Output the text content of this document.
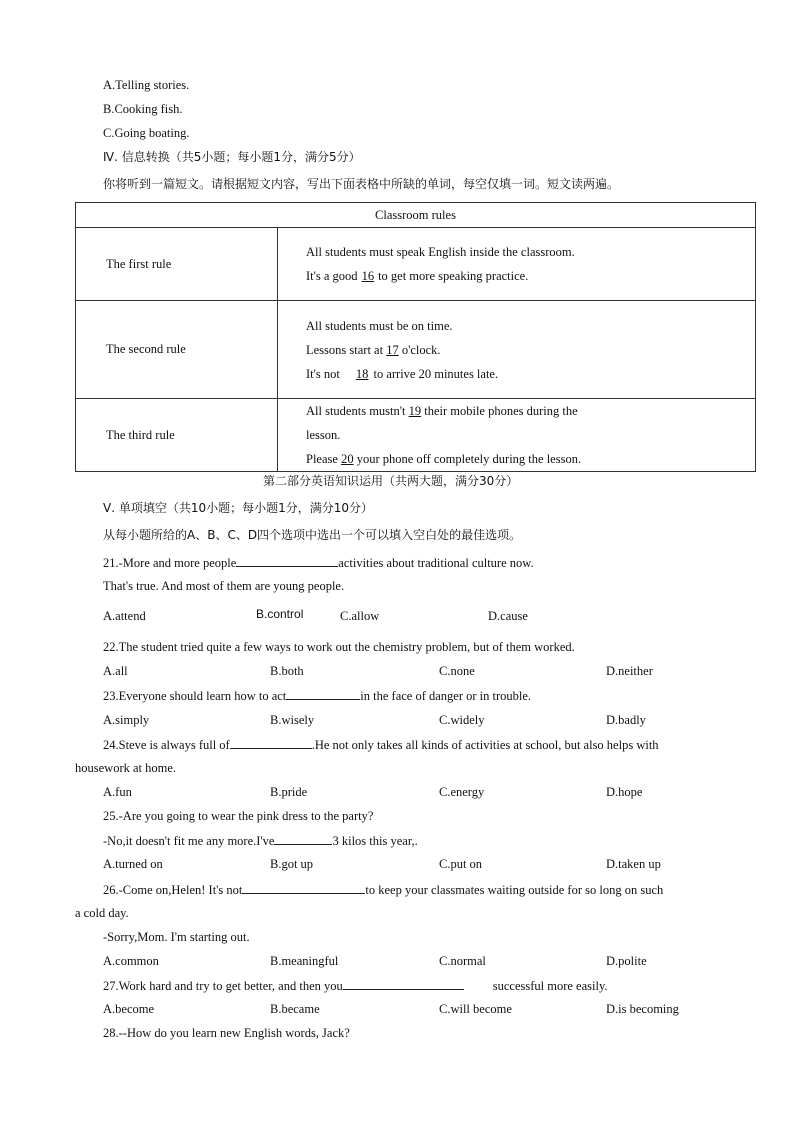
A.Telling stories.
B.Cooking fish.
C.Going boating.
Ⅳ. 信息转换（共5小题；每小题1分，满分5分）
你将听到一篇短文。请根据短文内容，写出下面表格中所缺的单词，每空仅填一词。短文读两遍。
Classroom rules	
The first rule	All students must speak English inside the classroom.
It's a good 16 to get more speaking practice.

The second rule	All students must be on time.
Lessons start at 17 o'clock.
It's not 18 to arrive 20 minutes late.

The third rule	All students mustn't 19 their mobile phones during the
lesson.
Please 20 your phone off completely during the lesson.
第二部分英语知识运用（共两大题，满分30分）
Ⅴ. 单项填空（共10小题；每小题1分，满分10分）
从每小题所给的A、B、C、D四个选项中选出一个可以填入空白处的最佳选项。
21.-More and more people	activities about traditional culture now.
That's true. And most of them are young people.
A.attend	B.control	C.allow	D.cause
22.The student tried quite a few ways to work out the chemistry problem, but of them worked.
A.all	B.both	C.none	D.neither
23.Everyone should learn how to act	in the face of danger or in trouble.
A.simply	B.wisely	C.widely	D.badly
24.Steve is always full of	.He not only takes all kinds of activities at school, but also helps with
housework at home.
A.fun	B.pride	C.energy	D.hope
25.-Are you going to wear the pink dress to the party?
-No,it doesn't fit me any more.I've	3 kilos this year,.
A.turned on	B.got up	C.put on	D.taken up
26.-Come on,Helen! It's not	to keep your classmates waiting outside for so long on such
a cold day.
-Sorry,Mom. I'm starting out.
A.common	B.meaningful	C.normal	D.polite
27.Work hard and try to get better, and then you	successful more easily.
A.become	B.became	C.will become	D.is becoming
28.--How do you learn new English words, Jack?
